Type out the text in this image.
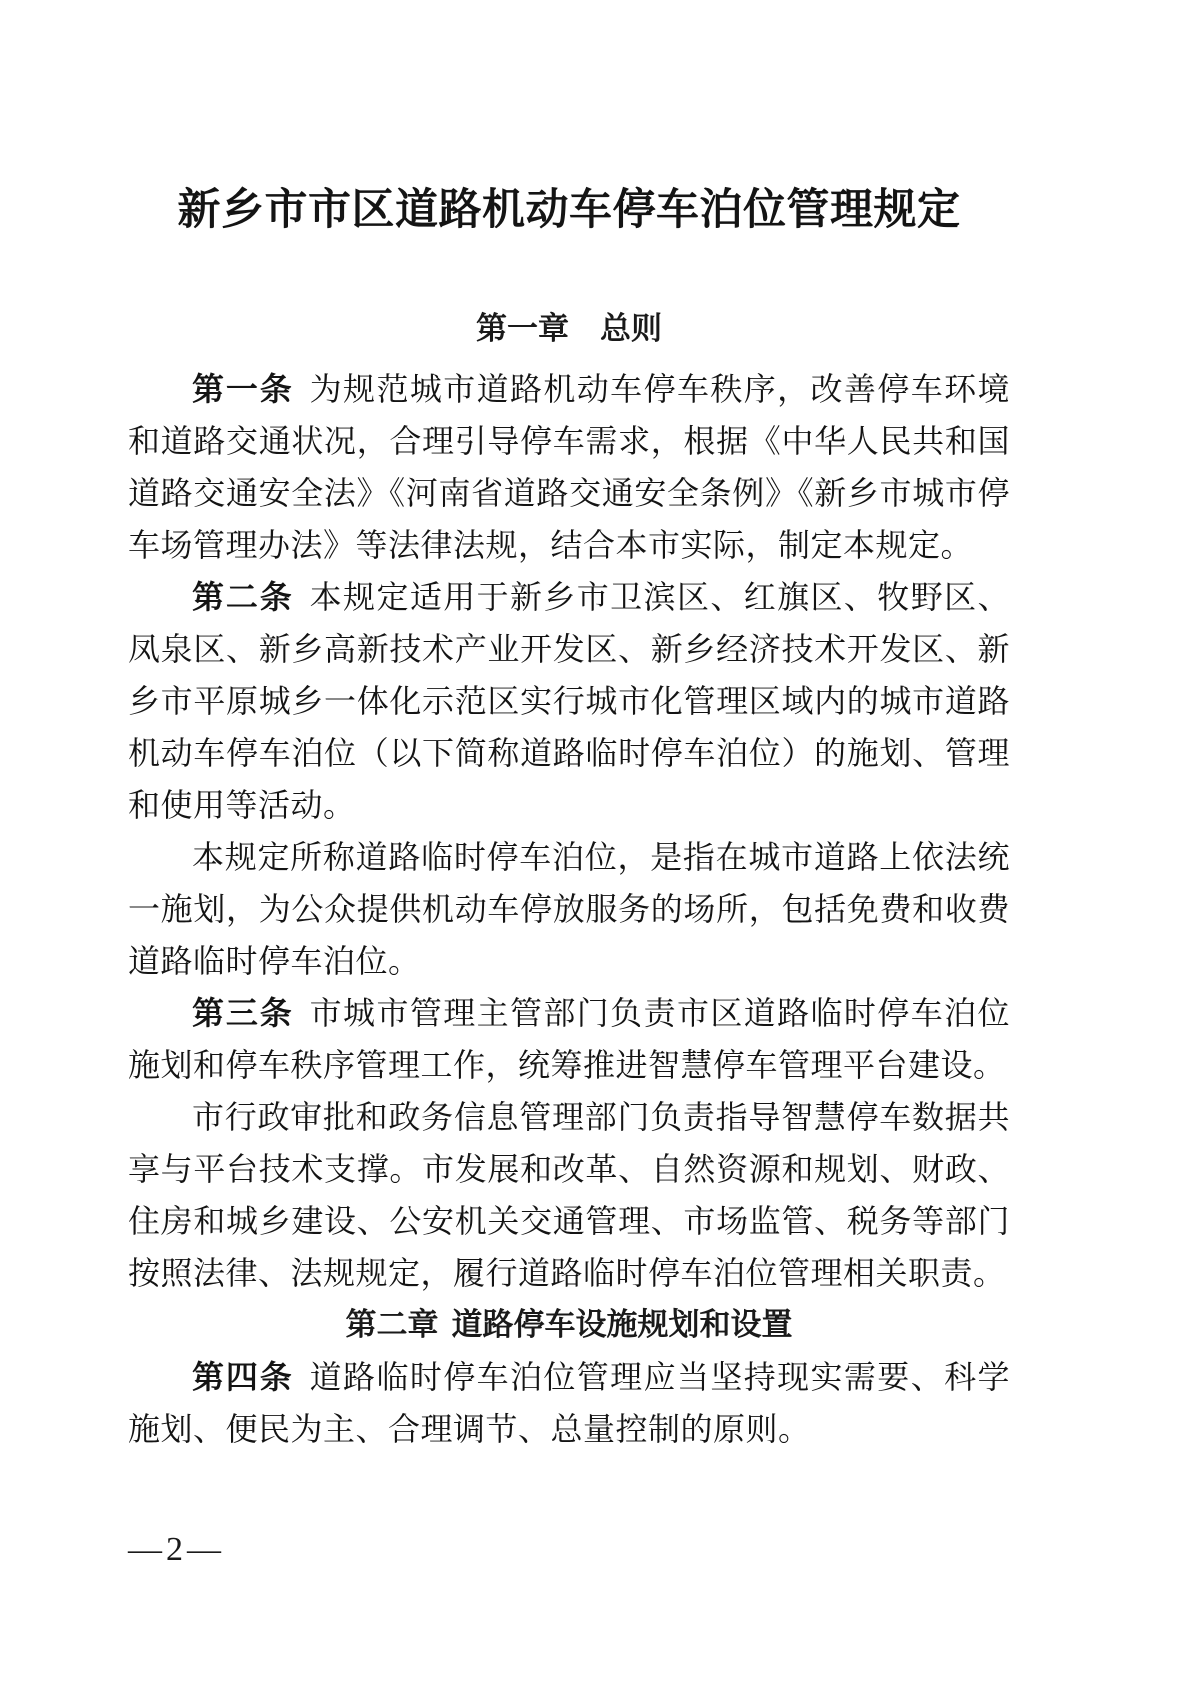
新乡市市区道路机动车停车泊位管理规定
第一章 总则

第一条 为规范城市道路机动车停车秩序，改善停车环境和道路交通状况，合理引导停车需求，根据《中华人民共和国道路交通安全法》《河南省道路交通安全条例》《新乡市城市停车场管理办法》等法律法规，结合本市实际，制定本规定。

第二条 本规定适用于新乡市卫滨区、红旗区、牧野区、凤泉区、新乡高新技术产业开发区、新乡经济技术开发区、新乡市平原城乡一体化示范区实行城市化管理区域内的城市道路机动车停车泊位（以下简称道路临时停车泊位）的施划、管理和使用等活动。

本规定所称道路临时停车泊位，是指在城市道路上依法统一施划，为公众提供机动车停放服务的场所，包括免费和收费道路临时停车泊位。

第三条 市城市管理主管部门负责市区道路临时停车泊位施划和停车秩序管理工作，统筹推进智慧停车管理平台建设。

市行政审批和政务信息管理部门负责指导智慧停车数据共享与平台技术支撑。市发展和改革、自然资源和规划、财政、住房和城乡建设、公安机关交通管理、市场监管、税务等部门按照法律、法规规定，履行道路临时停车泊位管理相关职责。

第二章 道路停车设施规划和设置

第四条 道路临时停车泊位管理应当坚持现实需要、科学施划、便民为主、合理调节、总量控制的原则。

—2—
